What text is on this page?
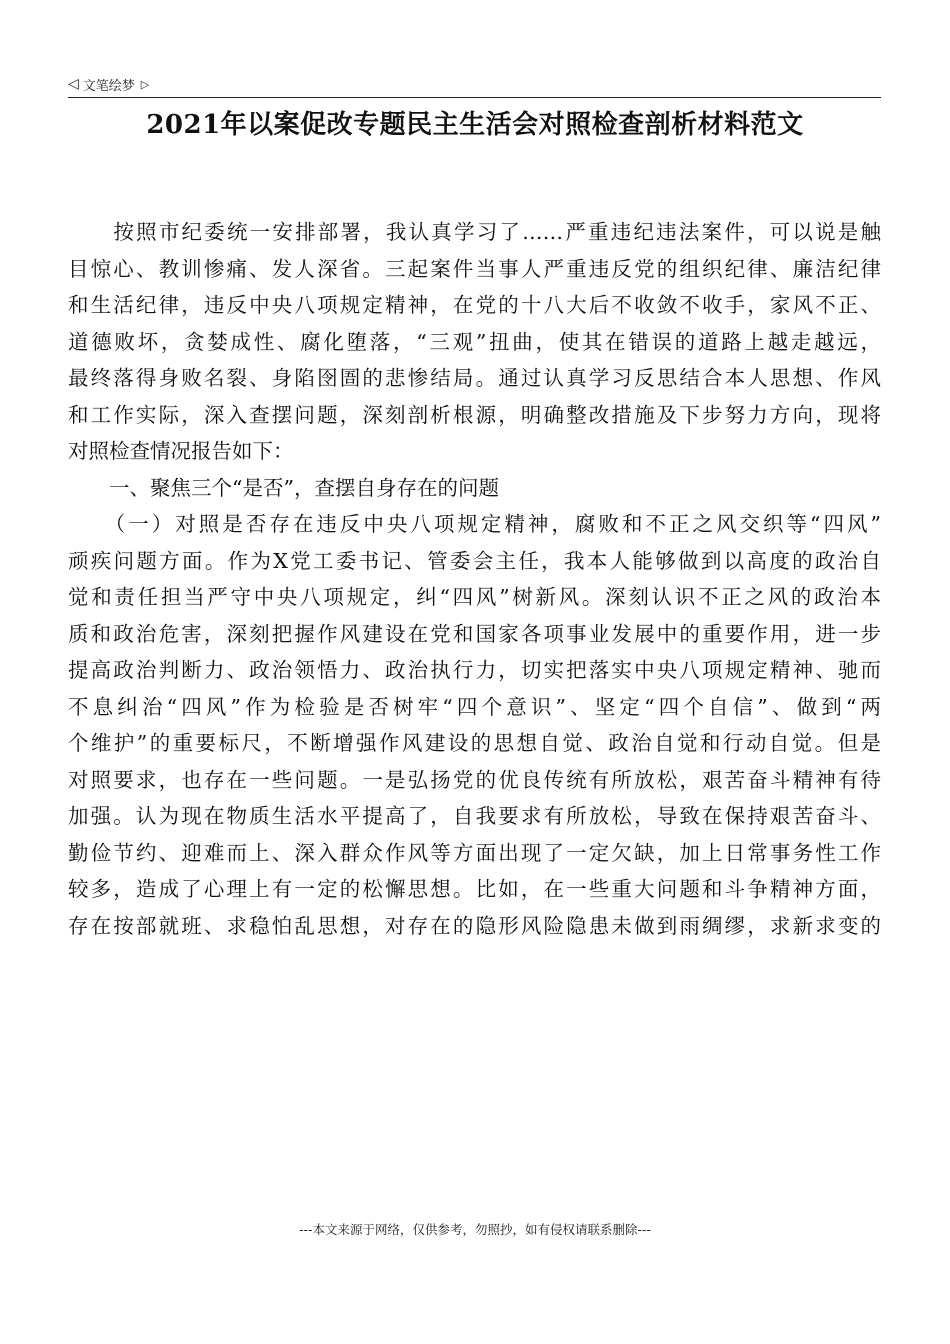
◁ 文笔绘梦 ▷
2021年以案促改专题民主生活会对照检查剖析材料范文
　　按照市纪委统一安排部署，我认真学习了……严重违纪违法案件，可以说是触
目惊心、教训惨痛、发人深省。三起案件当事人严重违反党的组织纪律、廉洁纪律
和生活纪律，违反中央八项规定精神，在党的十八大后不收敛不收手，家风不正、
道德败坏，贪婪成性、腐化堕落，“三观”扭曲，使其在错误的道路上越走越远，
最终落得身败名裂、身陷囹圄的悲惨结局。通过认真学习反思结合本人思想、作风
和工作实际，深入查摆问题，深刻剖析根源，明确整改措施及下步努力方向，现将
对照检查情况报告如下：
　　一、聚焦三个“是否”，查摆自身存在的问题
　　（一）对照是否存在违反中央八项规定精神，腐败和不正之风交织等“四风”
顽疾问题方面。作为X党工委书记、管委会主任，我本人能够做到以高度的政治自
觉和责任担当严守中央八项规定，纠“四风”树新风。深刻认识不正之风的政治本
质和政治危害，深刻把握作风建设在党和国家各项事业发展中的重要作用，进一步
提高政治判断力、政治领悟力、政治执行力，切实把落实中央八项规定精神、驰而
不息纠治“四风”作为检验是否树牢“四个意识”、坚定“四个自信”、做到“两
个维护”的重要标尺，不断增强作风建设的思想自觉、政治自觉和行动自觉。但是
对照要求，也存在一些问题。一是弘扬党的优良传统有所放松，艰苦奋斗精神有待
加强。认为现在物质生活水平提高了，自我要求有所放松，导致在保持艰苦奋斗、
勤俭节约、迎难而上、深入群众作风等方面出现了一定欠缺，加上日常事务性工作
较多，造成了心理上有一定的松懈思想。比如，在一些重大问题和斗争精神方面，
存在按部就班、求稳怕乱思想，对存在的隐形风险隐患未做到雨绸缪，求新求变的
---本文来源于网络，仅供参考，勿照抄，如有侵权请联系删除---
